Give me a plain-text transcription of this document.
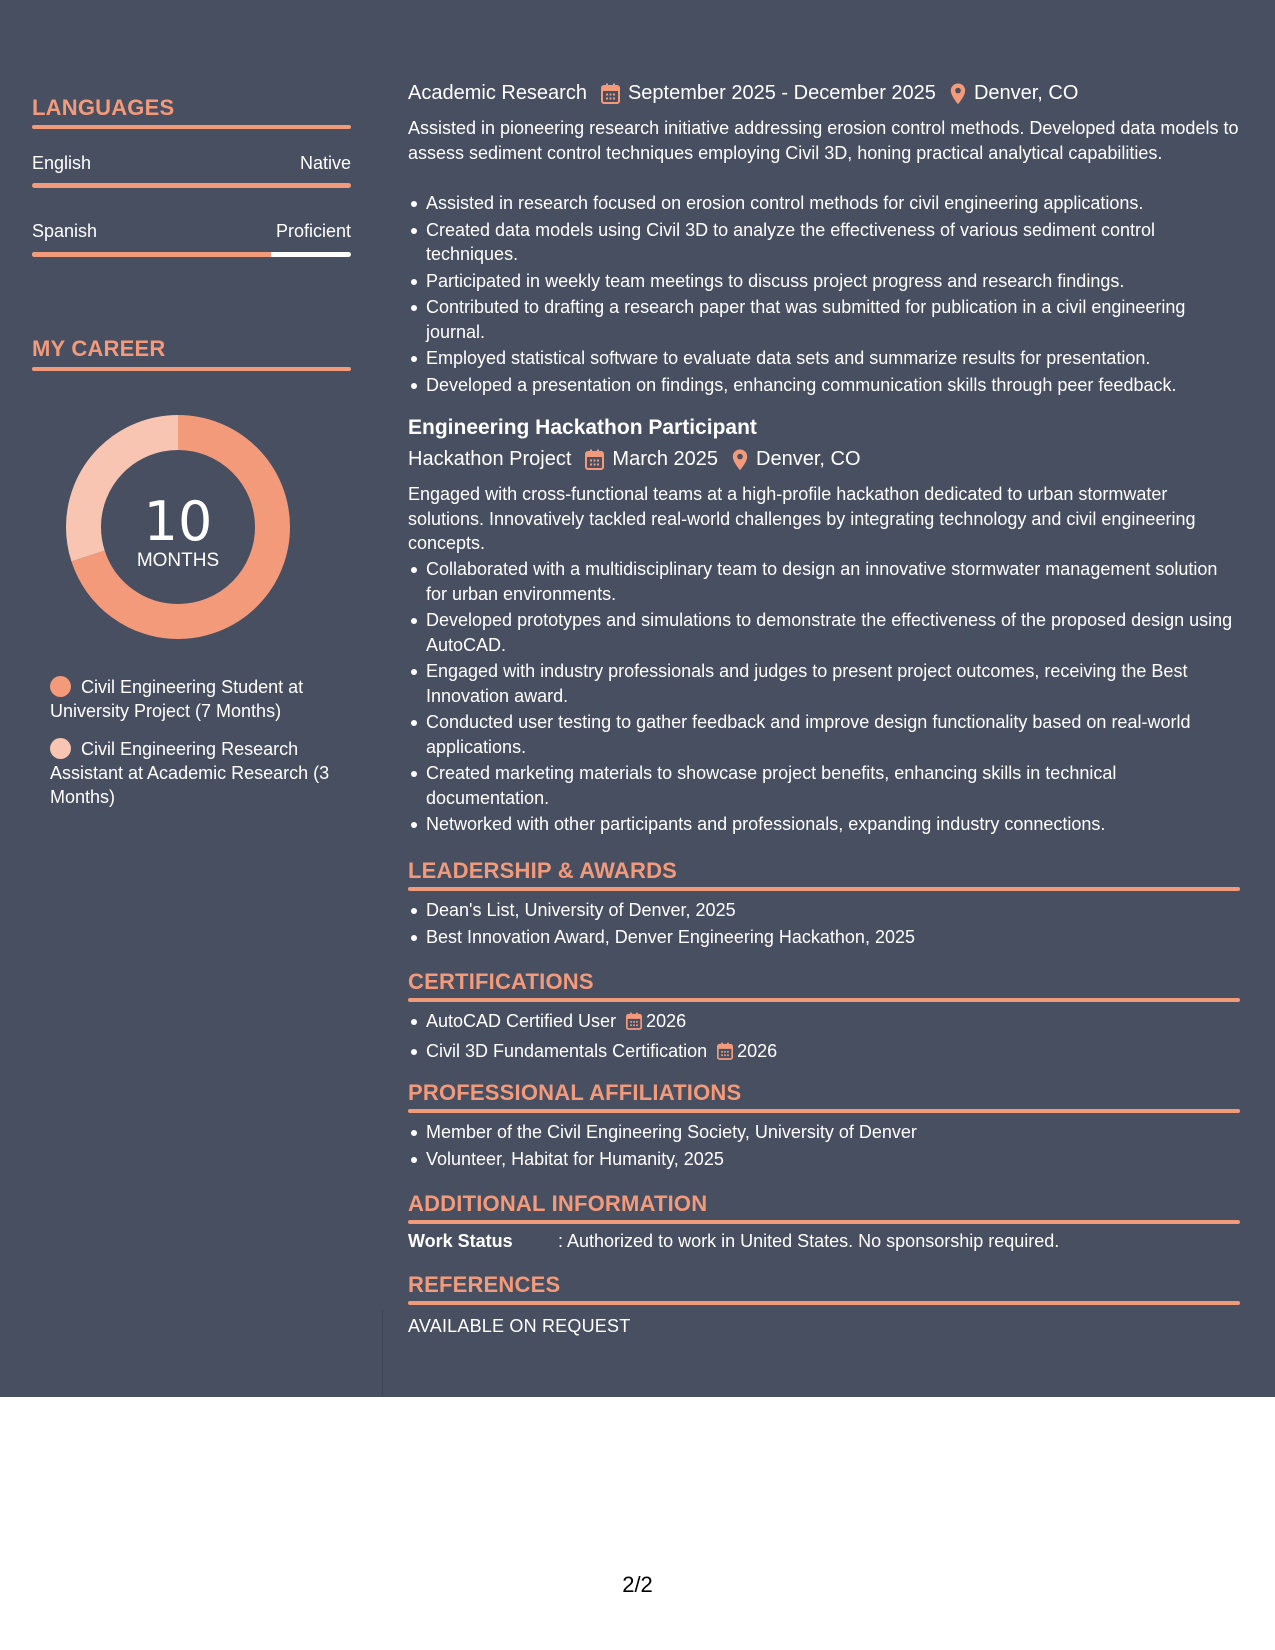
LANGUAGES
English	Native
Spanish	Proficient
MY CAREER
10
MONTHS
Civil Engineering Student at University Project (7 Months)
Civil Engineering Research Assistant at Academic Research (3 Months)
Academic Research September 2025 - December 2025 Denver, CO
Assisted in pioneering research initiative addressing erosion control methods. Developed data models to assess sediment control techniques employing Civil 3D, honing practical analytical capabilities.
Assisted in research focused on erosion control methods for civil engineering applications.
Created data models using Civil 3D to analyze the effectiveness of various sediment control techniques.
Participated in weekly team meetings to discuss project progress and research findings.
Contributed to drafting a research paper that was submitted for publication in a civil engineering journal.
Employed statistical software to evaluate data sets and summarize results for presentation.
Developed a presentation on findings, enhancing communication skills through peer feedback.
Engineering Hackathon Participant
Hackathon Project March 2025 Denver, CO
Engaged with cross-functional teams at a high-profile hackathon dedicated to urban stormwater solutions. Innovatively tackled real-world challenges by integrating technology and civil engineering concepts.
Collaborated with a multidisciplinary team to design an innovative stormwater management solution for urban environments.
Developed prototypes and simulations to demonstrate the effectiveness of the proposed design using AutoCAD.
Engaged with industry professionals and judges to present project outcomes, receiving the Best Innovation award.
Conducted user testing to gather feedback and improve design functionality based on real-world applications.
Created marketing materials to showcase project benefits, enhancing skills in technical documentation.
Networked with other participants and professionals, expanding industry connections.
LEADERSHIP & AWARDS
Dean's List, University of Denver, 2025
Best Innovation Award, Denver Engineering Hackathon, 2025
CERTIFICATIONS
AutoCAD Certified User 2026
Civil 3D Fundamentals Certification 2026
PROFESSIONAL AFFILIATIONS
Member of the Civil Engineering Society, University of Denver
Volunteer, Habitat for Humanity, 2025
ADDITIONAL INFORMATION
Work Status	: Authorized to work in United States. No sponsorship required.
REFERENCES
AVAILABLE ON REQUEST
2/2
